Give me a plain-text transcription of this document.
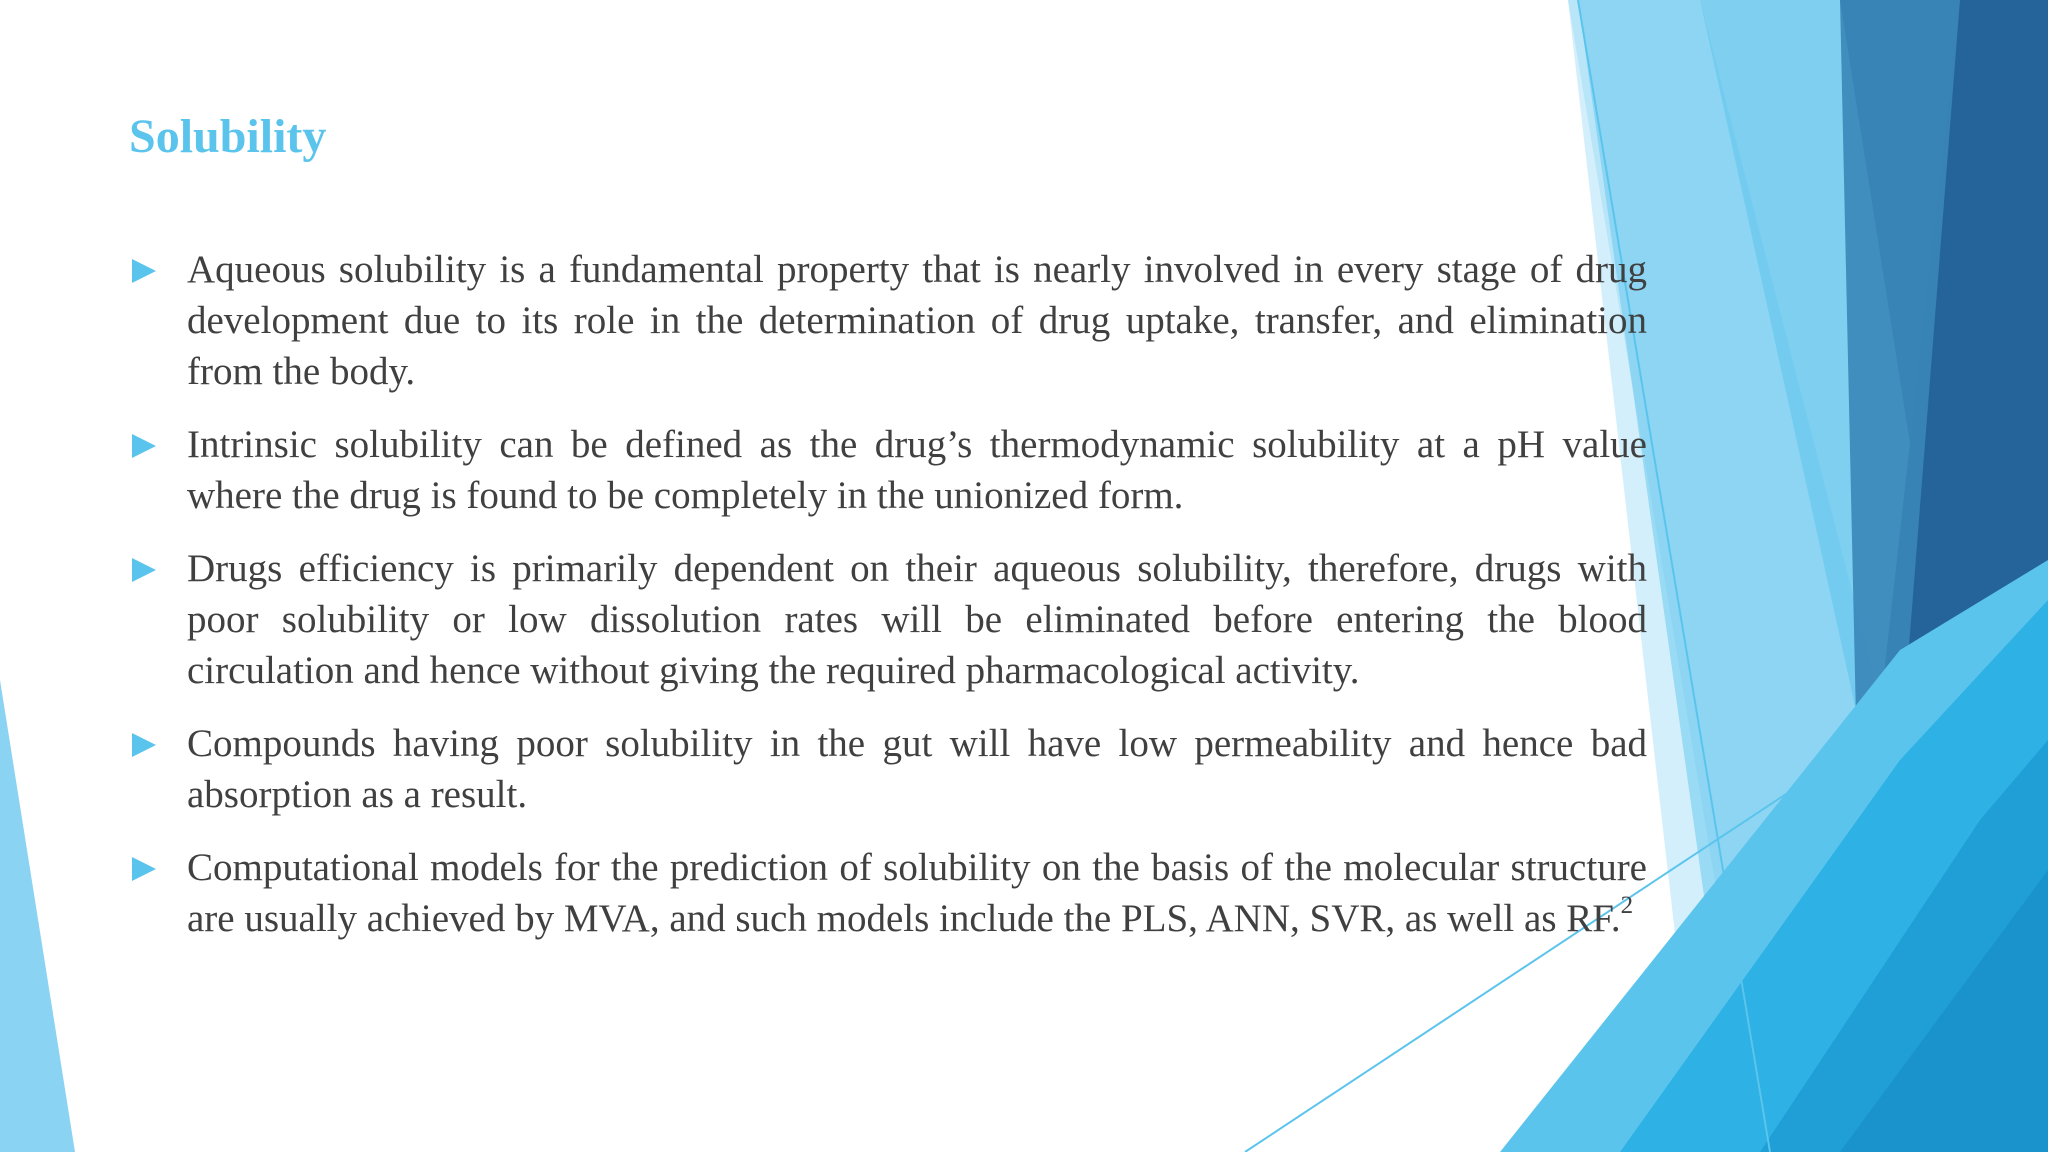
Solubility
Aqueous solubility is a fundamental property that is nearly involved in every stage of drug development due to its role in the determination of drug uptake, transfer, and elimination from the body.
Intrinsic solubility can be defined as the drug’s thermodynamic solubility at a pH value where the drug is found to be completely in the unionized form.
Drugs efficiency is primarily dependent on their aqueous solubility, therefore, drugs with poor solubility or low dissolution rates will be eliminated before entering the blood circulation and hence without giving the required pharmacological activity.
Compounds having poor solubility in the gut will have low permeability and hence bad absorption as a result.
Computational models for the prediction of solubility on the basis of the molecular structure are usually achieved by MVA, and such models include the PLS, ANN, SVR, as well as RF.$^2$
